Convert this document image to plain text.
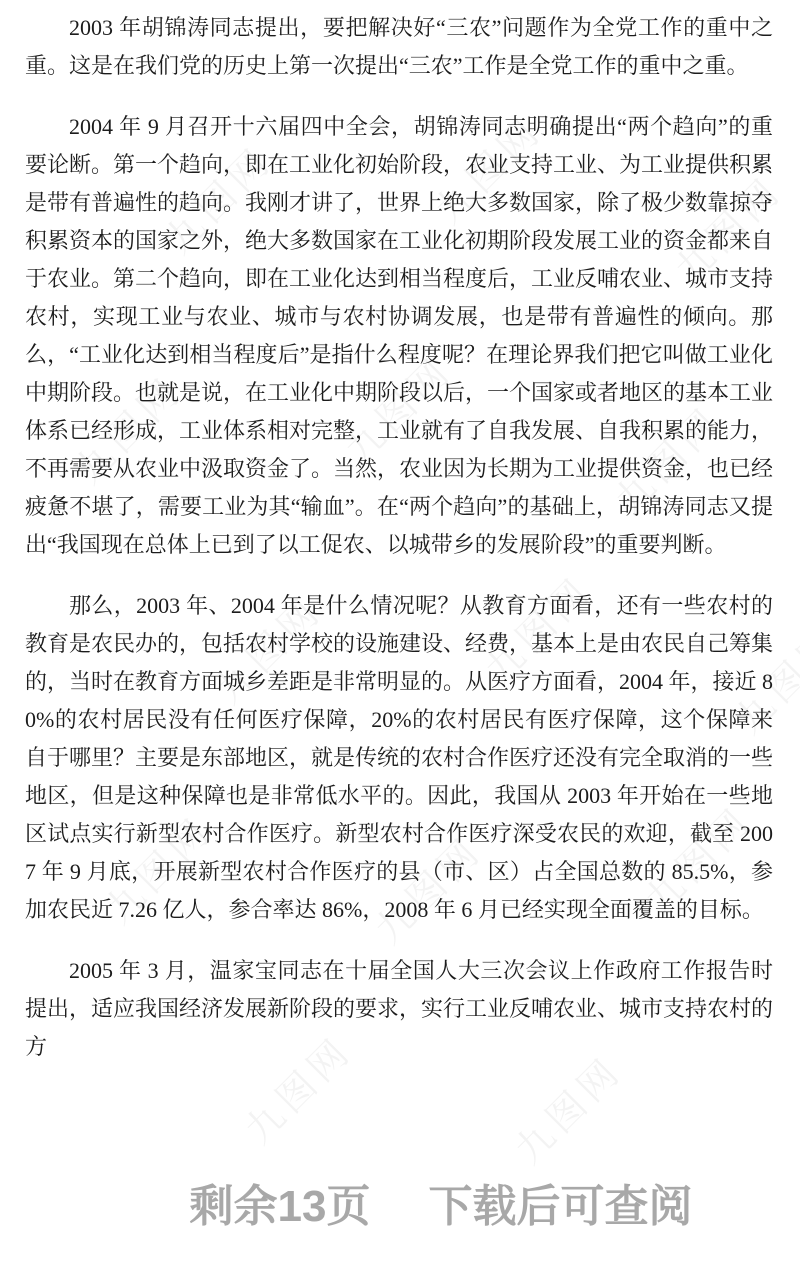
2003 年胡锦涛同志提出，要把解决好“三农”问题作为全党工作的重中之重。这是在我们党的历史上第一次提出“三农”工作是全党工作的重中之重。

2004 年 9 月召开十六届四中全会，胡锦涛同志明确提出“两个趋向”的重要论断。第一个趋向，即在工业化初始阶段，农业支持工业、为工业提供积累是带有普遍性的趋向。我刚才讲了，世界上绝大多数国家，除了极少数靠掠夺积累资本的国家之外，绝大多数国家在工业化初期阶段发展工业的资金都来自于农业。第二个趋向，即在工业化达到相当程度后，工业反哺农业、城市支持农村，实现工业与农业、城市与农村协调发展，也是带有普遍性的倾向。那么，“工业化达到相当程度后”是指什么程度呢？在理论界我们把它叫做工业化中期阶段。也就是说，在工业化中期阶段以后，一个国家或者地区的基本工业体系已经形成，工业体系相对完整，工业就有了自我发展、自我积累的能力，不再需要从农业中汲取资金了。当然，农业因为长期为工业提供资金，也已经疲惫不堪了，需要工业为其“输血”。在“两个趋向”的基础上，胡锦涛同志又提出“我国现在总体上已到了以工促农、以城带乡的发展阶段”的重要判断。

那么，2003 年、2004 年是什么情况呢？从教育方面看，还有一些农村的教育是农民办的，包括农村学校的设施建设、经费，基本上是由农民自己筹集的，当时在教育方面城乡差距是非常明显的。从医疗方面看，2004 年，接近 80%的农村居民没有任何医疗保障，20%的农村居民有医疗保障，这个保障来自于哪里？主要是东部地区，就是传统的农村合作医疗还没有完全取消的一些地区，但是这种保障也是非常低水平的。因此，我国从 2003 年开始在一些地区试点实行新型农村合作医疗。新型农村合作医疗深受农民的欢迎，截至 2007 年 9 月底，开展新型农村合作医疗的县（市、区）占全国总数的 85.5%，参加农民近 7.26 亿人，参合率达 86%，2008 年 6 月已经实现全面覆盖的目标。

2005 年 3 月，温家宝同志在十届全国人大三次会议上作政府工作报告时提出，适应我国经济发展新阶段的要求，实行工业反哺农业、城市支持农村的方

剩余13页 下载后可查阅
